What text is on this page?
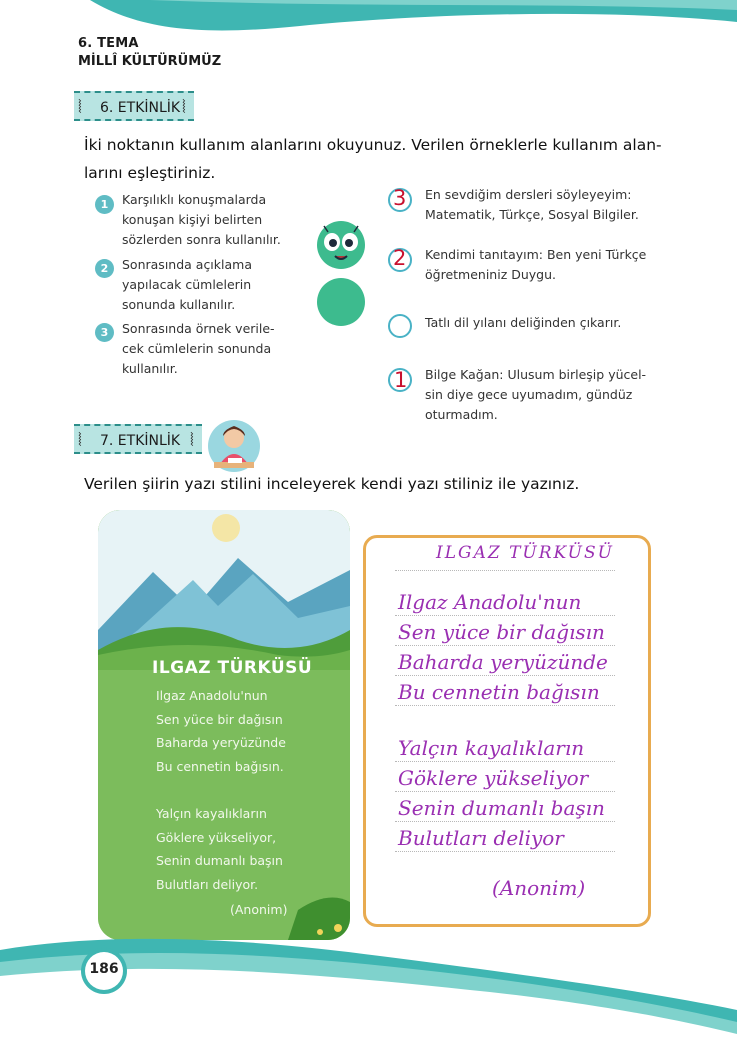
6. TEMA
MİLLÎ KÜLTÜRÜMÜZ
⦚	6. ETKİNLİK ⦚
İki noktanın kullanım alanlarını okuyunuz. Verilen örneklerle kullanım alan-
larını eşleştiriniz.
1	Karşılıklı konuşmalarda
konuşan kişiyi belirten
sözlerden sonra kullanılır.
2	Sonrasında açıklama
yapılacak cümlelerin
sonunda kullanılır.
3	Sonrasında örnek verile-
cek cümlelerin sonunda
kullanılır.
3 En sevdiğim dersleri söyleyeyim:
Matematik, Türkçe, Sosyal Bilgiler.
2 Kendimi tanıtayım: Ben yeni Türkçe
öğretmeniniz Duygu.
Tatlı dil yılanı deliğinden çıkarır.
1 Bilge Kağan: Ulusum birleşip yücel-
sin diye gece uyumadım, gündüz
oturmadım.
⦚	7. ETKİNLİK ⦚
Verilen şiirin yazı stilini inceleyerek kendi yazı stiliniz ile yazınız.
ILGAZ TÜRKÜSÜ
Ilgaz Anadolu'nun
Sen yüce bir dağısın
Baharda yeryüzünde
Bu cennetin bağısın.
Yalçın kayalıkların
Göklere yükseliyor,
Senin dumanlı başın
Bulutları deliyor.
(Anonim)
ILGAZ TÜRKÜSÜ
Ilgaz Anadolu'nun
Sen yüce bir dağısın
Baharda yeryüzünde
Bu cennetin bağısın
Yalçın kayalıkların
Göklere yükseliyor
Senin dumanlı başın
Bulutları deliyor
(Anonim)
186
